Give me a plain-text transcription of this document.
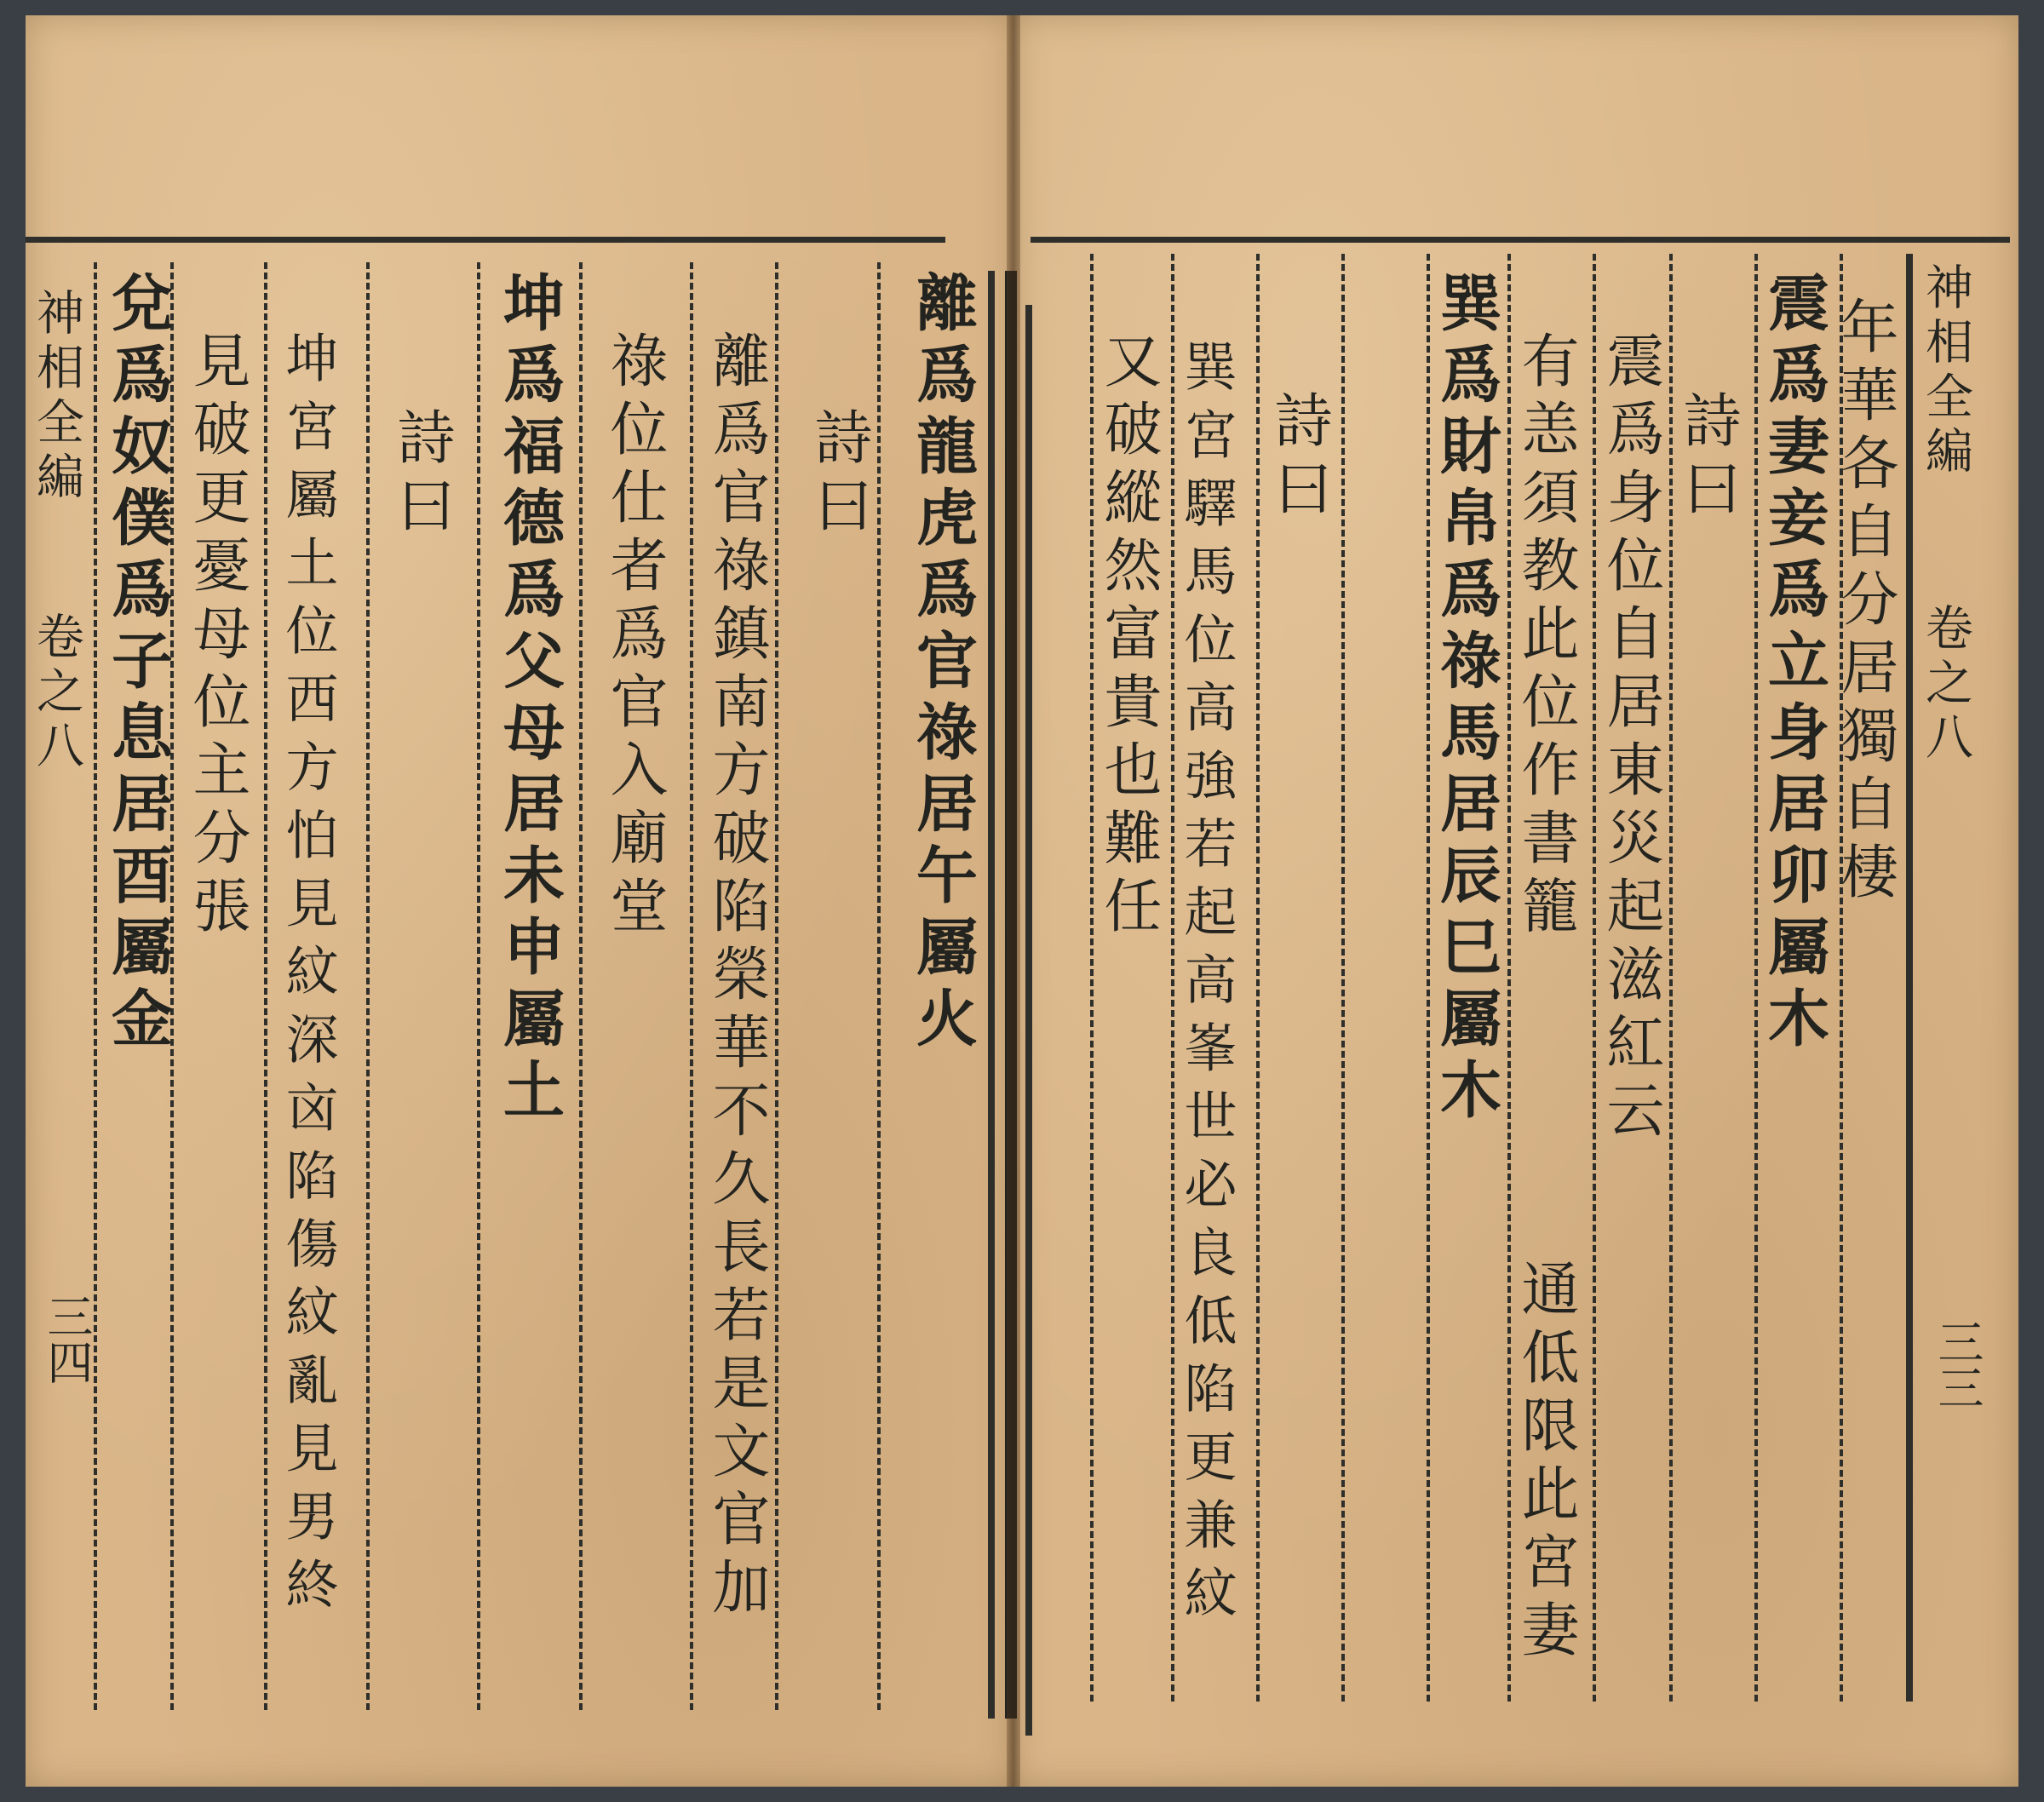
神相全編
卷之八
三三
年華各自分居獨自棲
震爲妻妾爲立身居卯屬木
詩曰
震爲身位自居東災起滋紅云
有恙須教此位作書籠
巽爲財帛爲祿馬居辰巳屬木
詩曰
巽宮驛馬位高強若起高峯世必良低陷更兼紋
又破縱然富貴也難任
通低限此宮妻
神相全編
卷之八
三四
離爲龍虎爲官祿居午屬火
詩曰
離爲官祿鎮南方破陷榮華不久長若是文官加
祿位仕者爲官入廟堂
坤爲福德爲父母居未申屬土
詩曰
坤宮屬土位西方怕見紋深㐫陷傷紋亂見男終
見破更憂母位主分張
兌爲奴僕爲子息居酉屬金
